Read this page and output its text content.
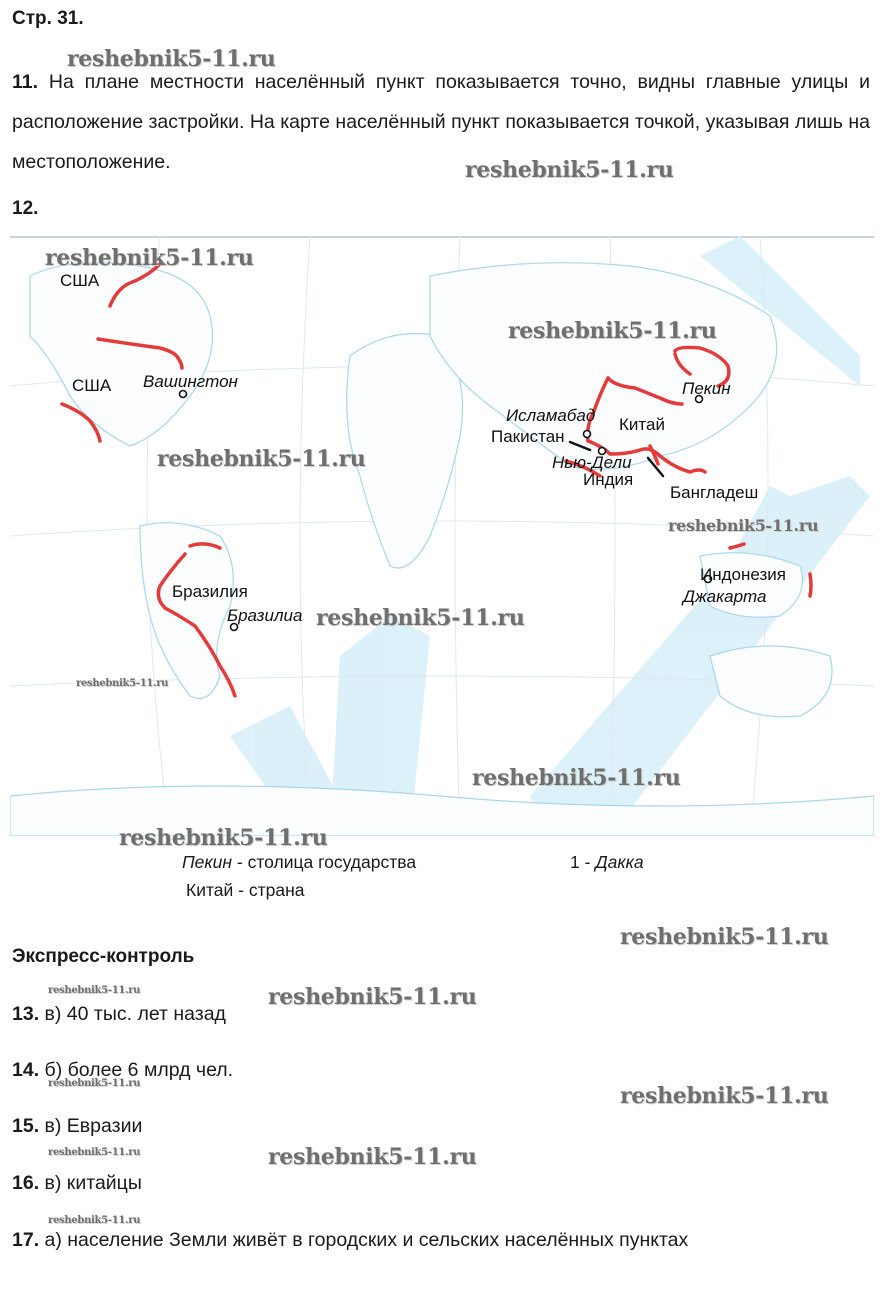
Стр. 31.
11. На плане местности населённый пункт показывается точно, видны главные улицы и расположение застройки. На карте населённый пункт показывается точкой, указывая лишь на местоположение.
12.
США
США Вашингтон	Пекин
Исламабад Китай
Пакистан
Нью-Дели
Индия
Бангладеш
Бразилия
Бразилиа
Индонезия
Джакарта
Пекин - столица государства
Китай - страна
1 - Дакка
Экспресс-контроль
13. в) 40 тыс. лет назад
14. б) более 6 млрд чел.
15. в) Евразии
16. в) китайцы
17. а) население Земли живёт в городских и сельских населённых пунктах
reshebnik5-11.ru
reshebnik5-11.ru
reshebnik5-11.ru
reshebnik5-11.ru
reshebnik5-11.ru
reshebnik5-11.ru
reshebnik5-11.ru
reshebnik5-11.ru
reshebnik5-11.ru
reshebnik5-11.ru
reshebnik5-11.ru
reshebnik5-11.ru	reshebnik5-11.ru
reshebnik5-11.ru	reshebnik5-11.ru
reshebnik5-11.ru	reshebnik5-11.ru
reshebnik5-11.ru
